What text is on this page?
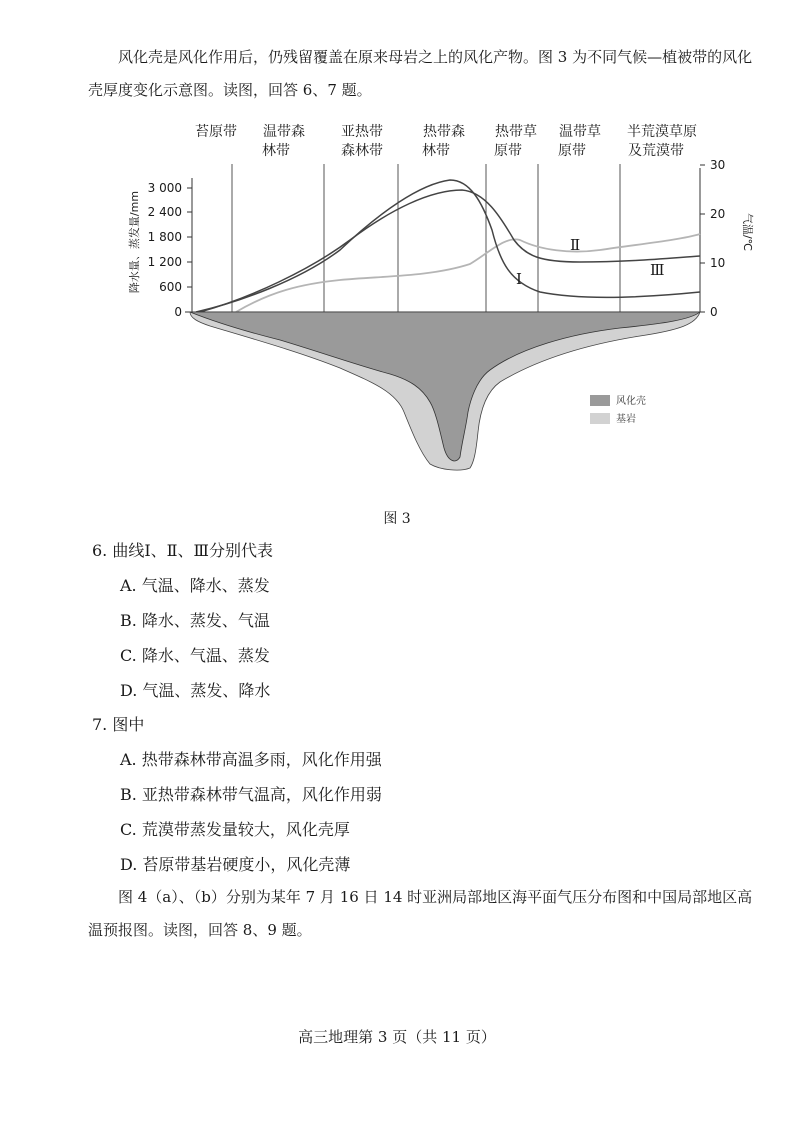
风化壳是风化作用后，仍残留覆盖在原来母岩之上的风化产物。图 3 为不同气候—植被带的风化壳厚度变化示意图。读图，回答 6、7 题。

苔原带 温带森
林带
亚热带
森林带
热带森
林带
热带草
原带
温带草
原带
半荒漠草原
及荒漠带
0
600
1 200
1 800
2 400
3 000
降水量、蒸发量/mm
0
10
20
30
气温/℃
Ⅰ
Ⅱ
Ⅲ
风化壳
基岩
图 3
6. 曲线Ⅰ、Ⅱ、Ⅲ分别代表
A. 气温、降水、蒸发
B. 降水、蒸发、气温
C. 降水、气温、蒸发
D. 气温、蒸发、降水
7. 图中
A. 热带森林带高温多雨，风化作用强
B. 亚热带森林带气温高，风化作用弱
C. 荒漠带蒸发量较大，风化壳厚
D. 苔原带基岩硬度小，风化壳薄

图 4（a）、（b）分别为某年 7 月 16 日 14 时亚洲局部地区海平面气压分布图和中国局部地区高温预报图。读图，回答 8、9 题。

高三地理第 3 页（共 11 页）
